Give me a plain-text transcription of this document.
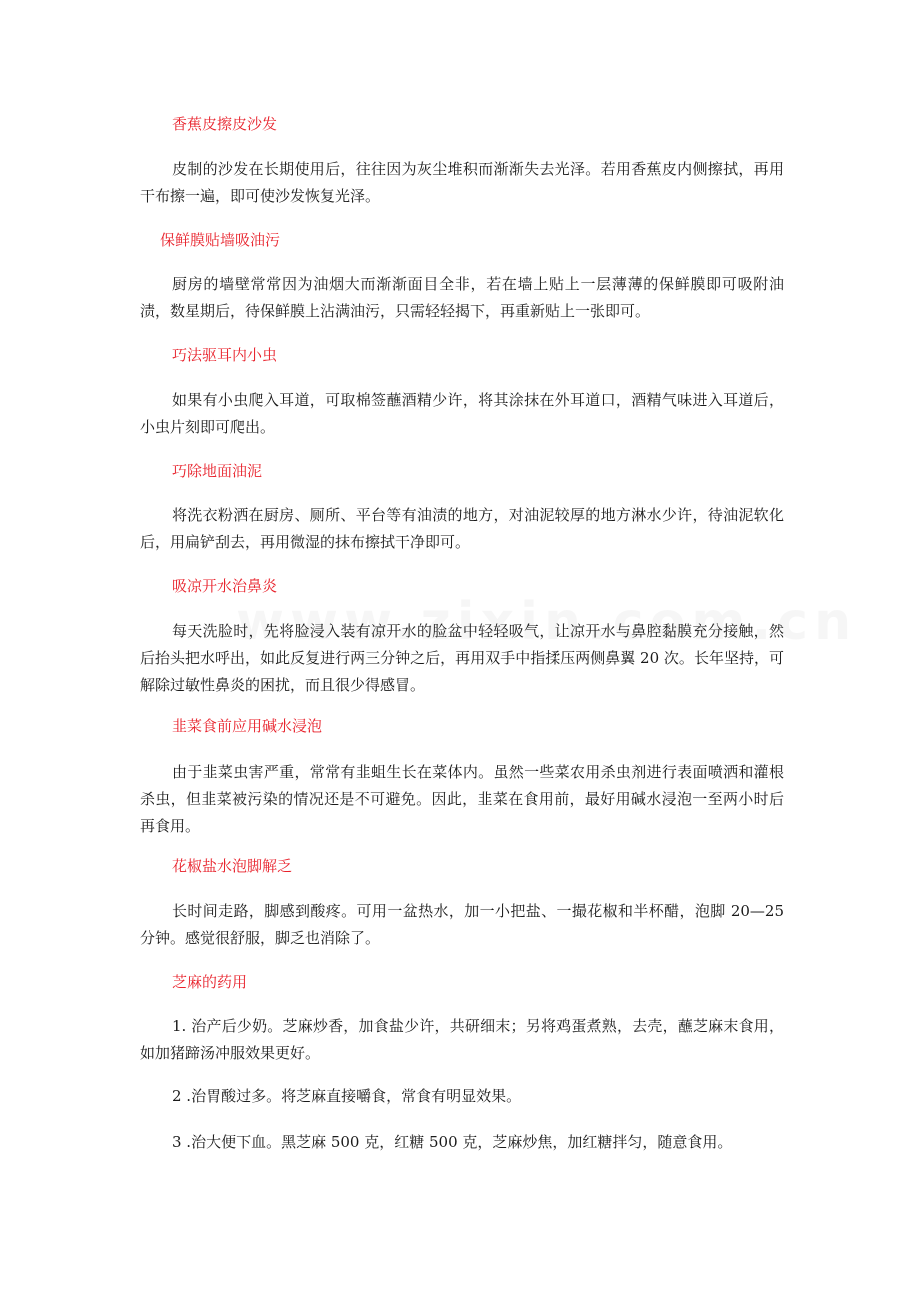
香蕉皮擦皮沙发
皮制的沙发在长期使用后，往往因为灰尘堆积而渐渐失去光泽。若用香蕉皮内侧擦拭，再用干布擦一遍，即可使沙发恢复光泽。
保鲜膜贴墙吸油污
厨房的墙壁常常因为油烟大而渐渐面目全非，若在墙上贴上一层薄薄的保鲜膜即可吸附油渍，数星期后，待保鲜膜上沾满油污，只需轻轻揭下，再重新贴上一张即可。
巧法驱耳内小虫
如果有小虫爬入耳道，可取棉签蘸酒精少许，将其涂抹在外耳道口，酒精气味进入耳道后，小虫片刻即可爬出。
巧除地面油泥
将洗衣粉洒在厨房、厕所、平台等有油渍的地方，对油泥较厚的地方淋水少许，待油泥软化后，用扁铲刮去，再用微湿的抹布擦拭干净即可。
吸凉开水治鼻炎
每天洗脸时，先将脸浸入装有凉开水的脸盆中轻轻吸气，让凉开水与鼻腔黏膜充分接触，然后抬头把水呼出，如此反复进行两三分钟之后，再用双手中指揉压两侧鼻翼 20 次。长年坚持，可解除过敏性鼻炎的困扰，而且很少得感冒。
韭菜食前应用碱水浸泡
由于韭菜虫害严重，常常有韭蛆生长在菜体内。虽然一些菜农用杀虫剂进行表面喷洒和灌根杀虫，但韭菜被污染的情况还是不可避免。因此，韭菜在食用前，最好用碱水浸泡一至两小时后再食用。
花椒盐水泡脚解乏
长时间走路，脚感到酸疼。可用一盆热水，加一小把盐、一撮花椒和半杯醋，泡脚 20—25 分钟。感觉很舒服，脚乏也消除了。
芝麻的药用
1. 治产后少奶。芝麻炒香，加食盐少许，共研细末；另将鸡蛋煮熟，去壳，蘸芝麻末食用，如加猪蹄汤冲服效果更好。
2 .治胃酸过多。将芝麻直接嚼食，常食有明显效果。
3 .治大便下血。黑芝麻 500 克，红糖 500 克，芝麻炒焦，加红糖拌匀，随意食用。
